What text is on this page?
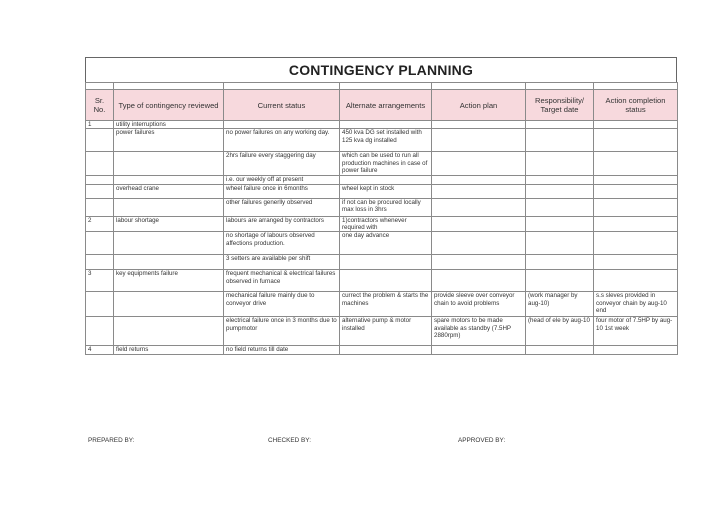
CONTINGENCY PLANNING

Sr. No.	Type of contingency reviewed	Current status	Alternate arrangements	Action plan	Responsibility/ Target date	Action completion status
1	utility interruptions					
	power failures	no power failures on any working day.	450 kva DG set installed with 125 kva dg installed			
		2hrs failure every staggering day	which can be used to run all production machines in case of power failure			
		i.e. our weekly off at present				
	overhead crane	wheel failure once in 6months	wheel kept in stock			
		other failures generlly observed	if not can be procured locally max loss in 3hrs			
2	labour shortage	labours are arranged by contractors	1)contractors whenever required with			
		no shortage of labours observed affections production.	one day advance			
		3 setters are available per shift				
3	key equipments failure	frequent mechanical & electrical failures observed in furnace				
		mechanical failure mainly due to conveyor drive	currect the problem & starts the machines	provide sleeve over conveyor chain to avoid problems	(work manager by aug-10)	s.s sleves provided in conveyor chain by aug-10 end
		electrical failure once in 3 months due to pumpmotor	alternative pump & motor installed	spare motors to be made available as standby (7.5HP 2880rpm)	(head of ele by aug-10	four motor of 7.5HP by aug-10 1st week
4	field returns	no field returns till date				
PREPARED BY:	CHECKED BY:	APPROVED BY:
